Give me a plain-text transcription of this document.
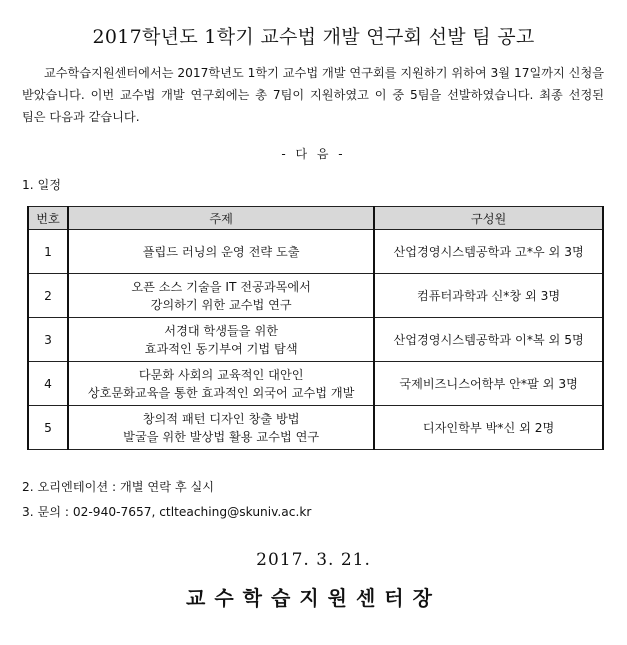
2017학년도 1학기 교수법 개발 연구회 선발 팀 공고
교수학습지원센터에서는 2017학년도 1학기 교수법 개발 연구회를 지원하기 위하여 3월 17일까지 신청을 받았습니다. 이번 교수법 개발 연구회에는 총 7팀이 지원하였고 이 중 5팀을 선발하였습니다. 최종 선정된 팀은 다음과 같습니다.
- 다 음 -
1. 일정
번호	주제	구성원
1	플립드 러닝의 운영 전략 도출	산업경영시스템공학과 고*우 외 3명
2	오픈 소스 기술을 IT 전공과목에서
강의하기 위한 교수법 연구	컴퓨터과학과 신*창 외 3명
3	서경대 학생들을 위한
효과적인 동기부여 기법 탐색	산업경영시스템공학과 이*복 외 5명
4	다문화 사회의 교육적인 대안인
상호문화교육을 통한 효과적인 외국어 교수법 개발	국제비즈니스어학부 안*팔 외 3명
5	창의적 패턴 디자인 창출 방법
발굴을 위한 발상법 활용 교수법 연구	디자인학부 박*신 외 2명
2. 오리엔테이션 : 개별 연락 후 실시
3. 문의 : 02-940-7657, ctlteaching@skuniv.ac.kr
2017. 3. 21.
교수학습지원센터장
